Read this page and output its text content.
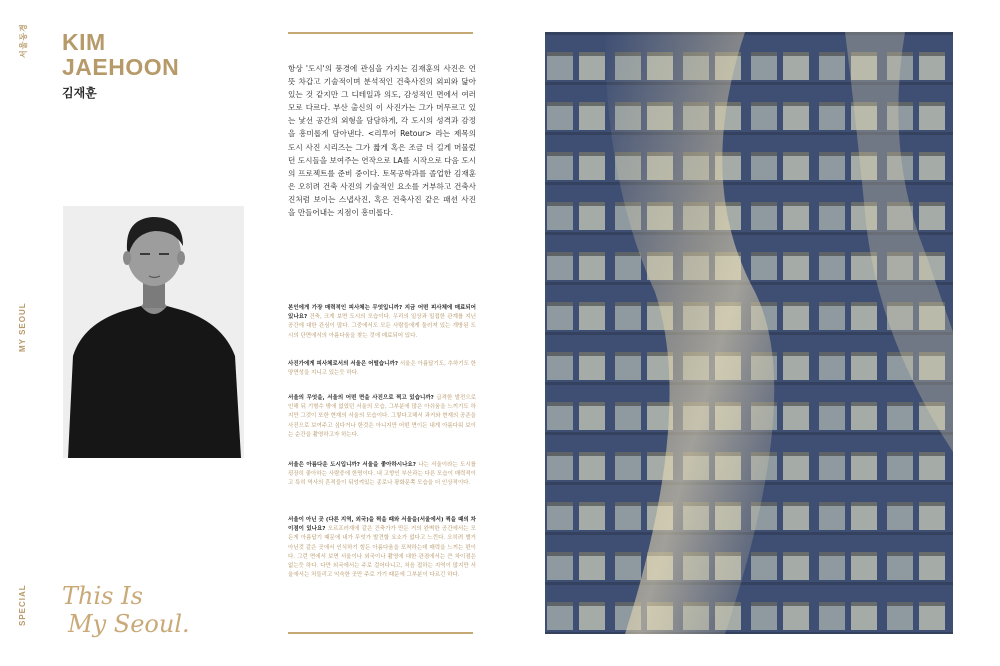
서울동경
MY SEOUL
SPECIAL
KIM
JAEHOON
김재훈
This Is
My Seoul.
항상 '도시'의 풍경에 관심을 가지는 김재훈의 사진은 언뜻 차갑고 기술적이며 분석적인 건축사진의 외피와 닮아있는 것 같지만 그 디테일과 의도, 감성적인 면에서 여러모로 다르다. 부산 출신의 이 사진가는 그가 머무르고 있는 낯선 공간의 외형을 담담하게, 각 도시의 성격과 감정을 흥미롭게 담아낸다. <리투어 Retour> 라는 제목의 도시 사진 시리즈는 그가 짧게 혹은 조금 더 길게 머물렀던 도시들을 보여주는 연작으로 LA를 시작으로 다음 도시의 프로젝트를 준비 중이다. 토목공학과를 졸업한 김재훈은 오히려 건축 사진의 기술적인 요소를 거부하고 건축사진처럼 보이는 스냅사진, 혹은 건축사진 같은 패션 사진을 만들어내는 지점이 흥미롭다.

본인에게 가장 매력적인 피사체는 무엇입니까? 지금 어떤 피사체에 매료되어 있나요? 건축, 크게 보면 도시의 모습이다. 우리의 일상과 밀접한 관계를 지닌 공간에 대한 관심이 많다. 그중에서도 모든 사람들에게 둘러져 있는 개방된 도시의 단면에서의 아름다움을 찾는 것에 매료되어 있다.

사진가에게 피사체로서의 서울은 어떨습니까? 서울은 아름답기도, 추하기도 한 양면성을 지니고 있는듯 하다.

서울의 무엇을, 서울의 어떤 면을 사진으로 찍고 있습니까? 급격한 발전으로 인해 뒤 기형수 밖에 없었던 서울의 모습, 그부분에 많은 아쉬움을 느끼기도 하지만 그것이 또한 현재의 서울의 모습이다. 그렇다고해서 과거와 현재의 공존을 사진으로 보여주고 싶다거나 한것은 아니지만 어떤 면이든 내게 아름다워 보이는 순간을 촬영하고자 하는다.

서울은 아름다운 도시입니까? 서울을 좋아하시나요? 나는 서울이라는 도시를 굉장히 좋아하는 사람중에 한명이다. 내 고향인 부산과는 다른 모습이 매력적이고 특히 역사의 흔적들이 뒤엉켜있는 종로나 광화문쪽 모습을 더 인상적이다.

서울이 아닌 곳 (다른 지역, 외국)을 찍을 때와 서울을(서울에서) 찍을 때의 차이점이 있나요? 오르프러재에 같은 건축가가 만든 거의 완벽한 공간에서는 모든게 아름답기 때문에 내가 무엇가 발견할 요소가 없다고 느낀다. 오히려 별거 아닌것 같은 곳에서 인식하기 힘든 아름다움을 포착하는데 매력을 느끼는 편이다. 그런 면에서 보면 서울이나 외국이나 촬영에 대한 관점에서는 큰 차이점은 없는듯 하다. 다만 외국에서는 주로 걸어다니고, 처음 접하는 지역이 많지만 서울에서는 처들리고 익숙한 곳만 주로 가기 때문에 그부분이 다르긴 하다.
